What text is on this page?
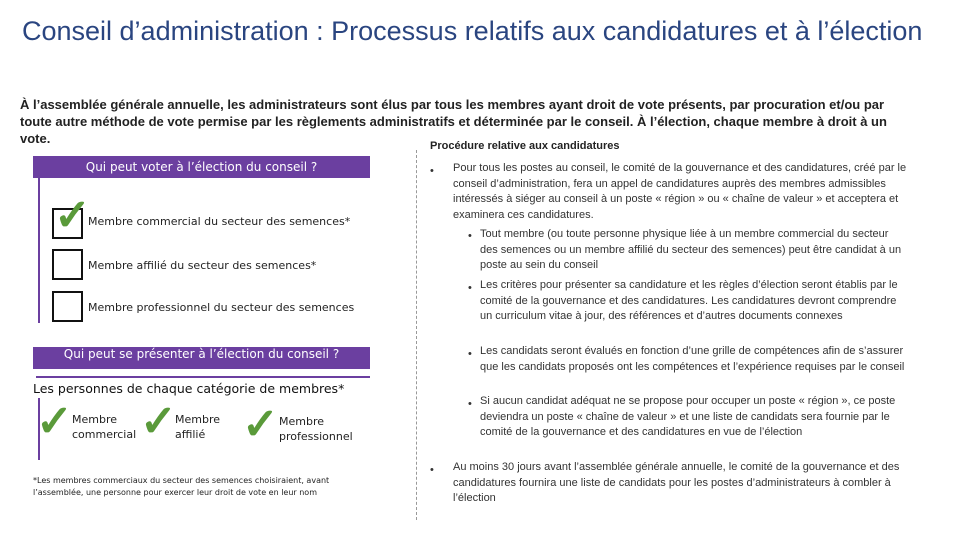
Conseil d’administration : Processus relatifs aux candidatures et à l’élection
À l’assemblée générale annuelle, les administrateurs sont élus par tous les membres ayant droit de vote présents, par procuration et/ou par toute autre méthode de vote permise par les règlements administratifs et déterminée par le conseil. À l’élection, chaque membre à droit à un vote.
Qui peut voter à l’élection du conseil ?
✓
Membre commercial du secteur des semences*
Membre affilié du secteur des semences*
Membre professionnel du secteur des semences
Qui peut se présenter à l’élection du conseil ?
Les personnes de chaque catégorie de membres*
✓ Membre commercial ✓
Membre affilié ✓ Membre professionnel
*Les membres commerciaux du secteur des semences choisiraient, avant l’assemblée, une personne pour exercer leur droit de vote en leur nom
Procédure relative aux candidatures
• Pour tous les postes au conseil, le comité de la gouvernance et des candidatures, créé par le conseil d’administration, fera un appel de candidatures auprès des membres admissibles intéressés à siéger au conseil à un poste « région » ou « chaîne de valeur » et acceptera et examinera ces candidatures.
• Tout membre (ou toute personne physique liée à un membre commercial du secteur des semences ou un membre affilié du secteur des semences) peut être candidat à un poste au sein du conseil
• Les critères pour présenter sa candidature et les règles d’élection seront établis par le comité de la gouvernance et des candidatures. Les candidatures devront comprendre un curriculum vitae à jour, des références et d’autres documents connexes
• Les candidats seront évalués en fonction d’une grille de compétences afin de s’assurer que les candidats proposés ont les compétences et l’expérience requises par le conseil
• Si aucun candidat adéquat ne se propose pour occuper un poste « région », ce poste deviendra un poste « chaîne de valeur » et une liste de candidats sera fournie par le comité de la gouvernance et des candidatures en vue de l’élection
• Au moins 30 jours avant l’assemblée générale annuelle, le comité de la gouvernance et des candidatures fournira une liste de candidats pour les postes d’administrateurs à combler à l’élection
